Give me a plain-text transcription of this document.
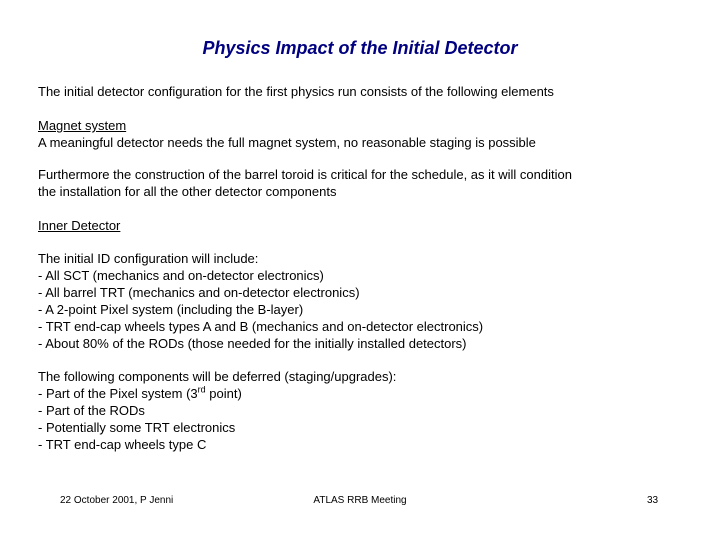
Physics Impact of the Initial Detector
The initial detector configuration for the first physics run consists of the following elements
Magnet system
A meaningful detector needs the full magnet system, no reasonable staging is possible
Furthermore the construction of the barrel toroid is critical for the schedule, as it will condition
the installation for all the other detector components
Inner Detector
The initial ID configuration will include:
- All SCT (mechanics and on-detector electronics)
- All barrel TRT (mechanics and on-detector electronics)
- A 2-point Pixel system (including the B-layer)
- TRT end-cap wheels types A and B (mechanics and on-detector electronics)
- About 80% of the RODs (those needed for the initially installed detectors)
The following components will be deferred (staging/upgrades):
- Part of the Pixel system (3rd point)
- Part of the RODs
- Potentially some TRT electronics
- TRT end-cap wheels type C
22 October 2001, P Jenni	ATLAS RRB Meeting	33
